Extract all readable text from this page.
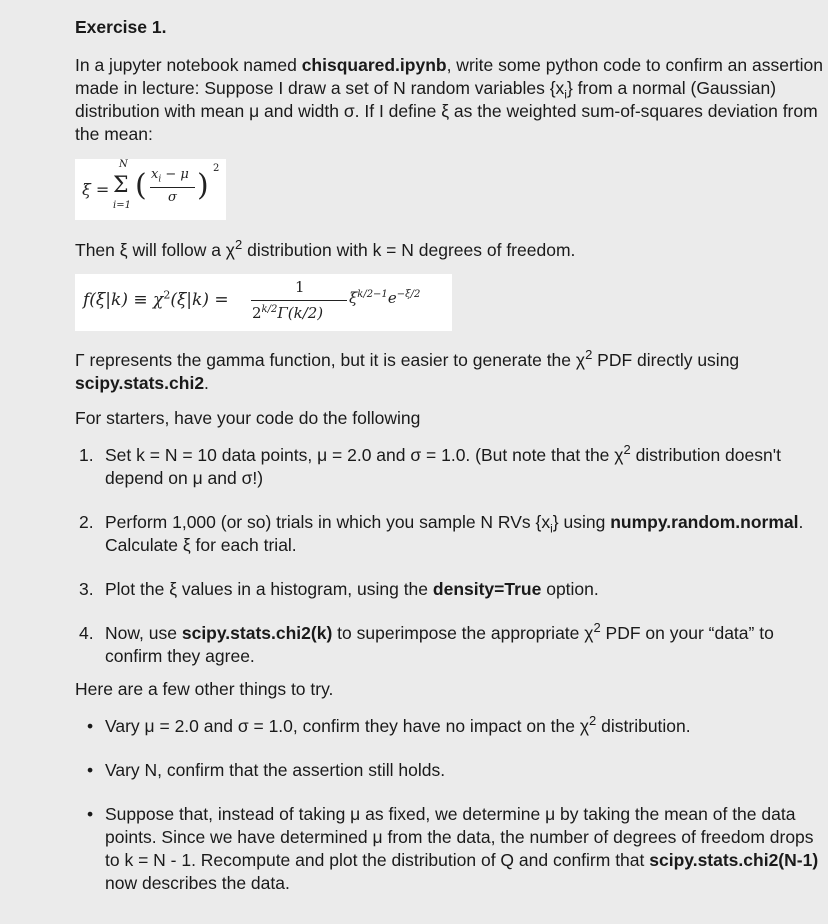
Exercise 1.

In a jupyter notebook named chisquared.ipynb, write some python code to confirm an assertion made in lecture: Suppose I draw a set of N random variables $\{x_i\}$ from a normal (Gaussian) distribution with mean μ and width σ. If I define ξ as the weighted sum-of-squares deviation from the mean:

ξ =
N
Σ
i=1
( $x_i - \mu$
σ ) 2

Then ξ will follow a $\chi^2$ distribution with k = N degrees of freedom.

$f(\xi|k) \equiv \chi^2(\xi|k)$ =
1
$2^{k/2}\Gamma(k/2)$
$\xi^{k/2-1}e^{-\xi/2}$

Γ represents the gamma function, but it is easier to generate the $\chi^2$ PDF directly using scipy.stats.chi2.

For starters, have your code do the following

1. Set k = N = 10 data points, μ = 2.0 and σ = 1.0. (But note that the $\chi^2$ distribution doesn't depend on μ and σ!)
2. Perform 1,000 (or so) trials in which you sample N RVs $\{x_i\}$ using numpy.random.normal. Calculate ξ for each trial.
3. Plot the ξ values in a histogram, using the density=True option.
4. Now, use scipy.stats.chi2(k) to superimpose the appropriate $\chi^2$ PDF on your “data” to confirm they agree.

Here are a few other things to try.

• Vary μ = 2.0 and σ = 1.0, confirm they have no impact on the $\chi^2$ distribution.
• Vary N, confirm that the assertion still holds.
• Suppose that, instead of taking μ as fixed, we determine μ by taking the mean of the data points. Since we have determined μ from the data, the number of degrees of freedom drops to k = N - 1. Recompute and plot the distribution of Q and confirm that scipy.stats.chi2(N-1) now describes the data.
